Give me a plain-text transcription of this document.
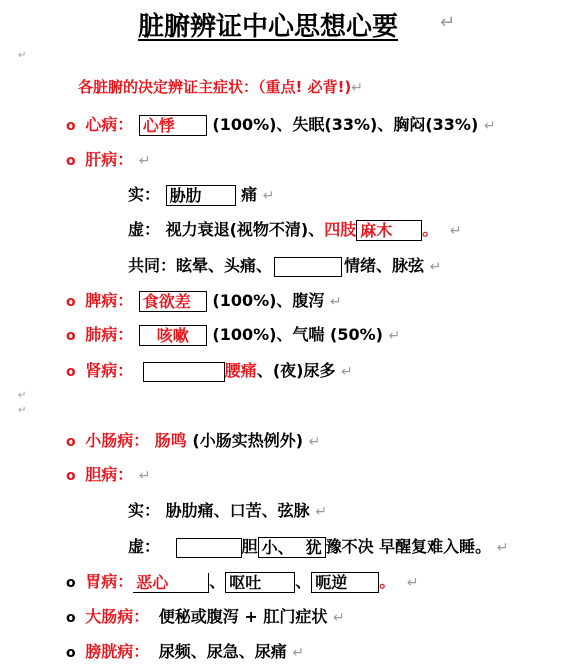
脏腑辨证中心思想心要 ↵
↵
各脏腑的决定辨证主症状：（重点! 必背!)↵
o 心病： 心悸 (100%)、失眠(33%)、胸闷(33%) ↵
o 肝病： ↵
实： 胁肋 痛 ↵
虚： 视力衰退(视物不清)、四肢 麻木 。 ↵
共同：眩晕、头痛、	情绪、脉弦 ↵
o 脾病： 食欲差 (100%)、腹泻 ↵
o 肺病： 咳嗽 (100%)、气喘 (50%) ↵
o 肾病：	腰痛、(夜)尿多 ↵
↵
↵
o 小肠病： 肠鸣 (小肠实热例外) ↵
o 胆病： ↵
实： 胁肋痛、口苦、弦脉 ↵
虚：	胆 小、 犹 豫不决 早醒复难入睡。 ↵
o 胃病： 恶心	、 呕吐 、 呃逆 。 ↵
o 大肠病： 便秘或腹泻 + 肛门症状 ↵
o 膀胱病： 尿频、尿急、尿痛 ↵
